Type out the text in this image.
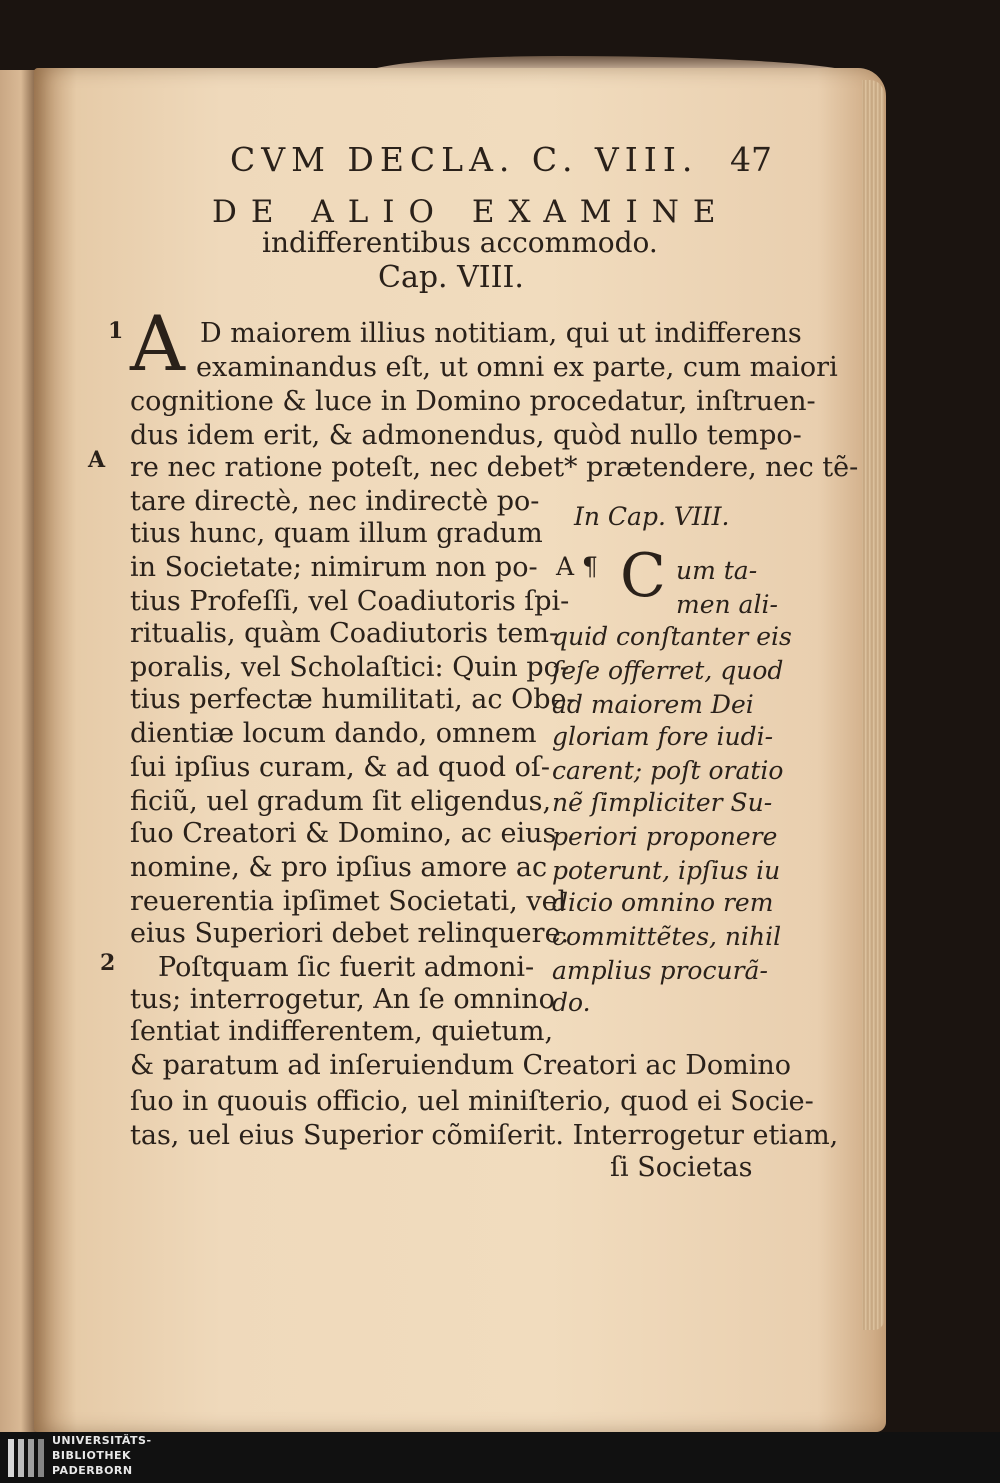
CVM DECLA. C. VIII. 47
DE ALIO EXAMINE
indifferentibus accommodo.
Cap. VIII.
1
A
2
A D maiorem illius notitiam, qui ut indifferens
examinandus eſt, ut omni ex parte, cum maiori
cognitione & luce in Domino procedatur, inſtruen-
dus idem erit, & admonendus, quòd nullo tempo-
re nec ratione poteſt, nec debet* prætendere, nec tẽ-
tare directè, nec indirectè po-
tius hunc, quam illum gradum
in Societate; nimirum non po-
tius Profeſſi, vel Coadiutoris ſpi-
ritualis, quàm Coadiutoris tem-
poralis, vel Scholaſtici: Quin po-
tius perfectæ humilitati, ac Obe-
dientiæ locum dando, omnem
ſui ipſius curam, & ad quod oſ-
ficiũ, uel gradum ſit eligendus,
ſuo Creatori & Domino, ac eius
nomine, & pro ipſius amore ac
reuerentia ipſimet Societati, vel
eius Superiori debet relinquere.
Poſtquam ſic fuerit admoni-
tus; interrogetur, An ſe omnino
ſentiat indifferentem, quietum,
& paratum ad inſeruiendum Creatori ac Domino
ſuo in quouis officio, uel miniſterio, quod ei Socie-
tas, uel eius Superior cõmiſerit. Interrogetur etiam,
ſi Societas
In Cap. VIII.
A ¶ C um ta-
men ali-
quid conſtanter eis
ſeſe offerret, quod
ad maiorem Dei
gloriam fore iudi-
carent; poſt oratio
nẽ ſimpliciter Su-
periori proponere
poterunt, ipſius iu
dicio omnino rem
committẽtes, nihil
amplius procurã-
do.
UNIVERSITÄTS-
BIBLIOTHEK
PADERBORN
